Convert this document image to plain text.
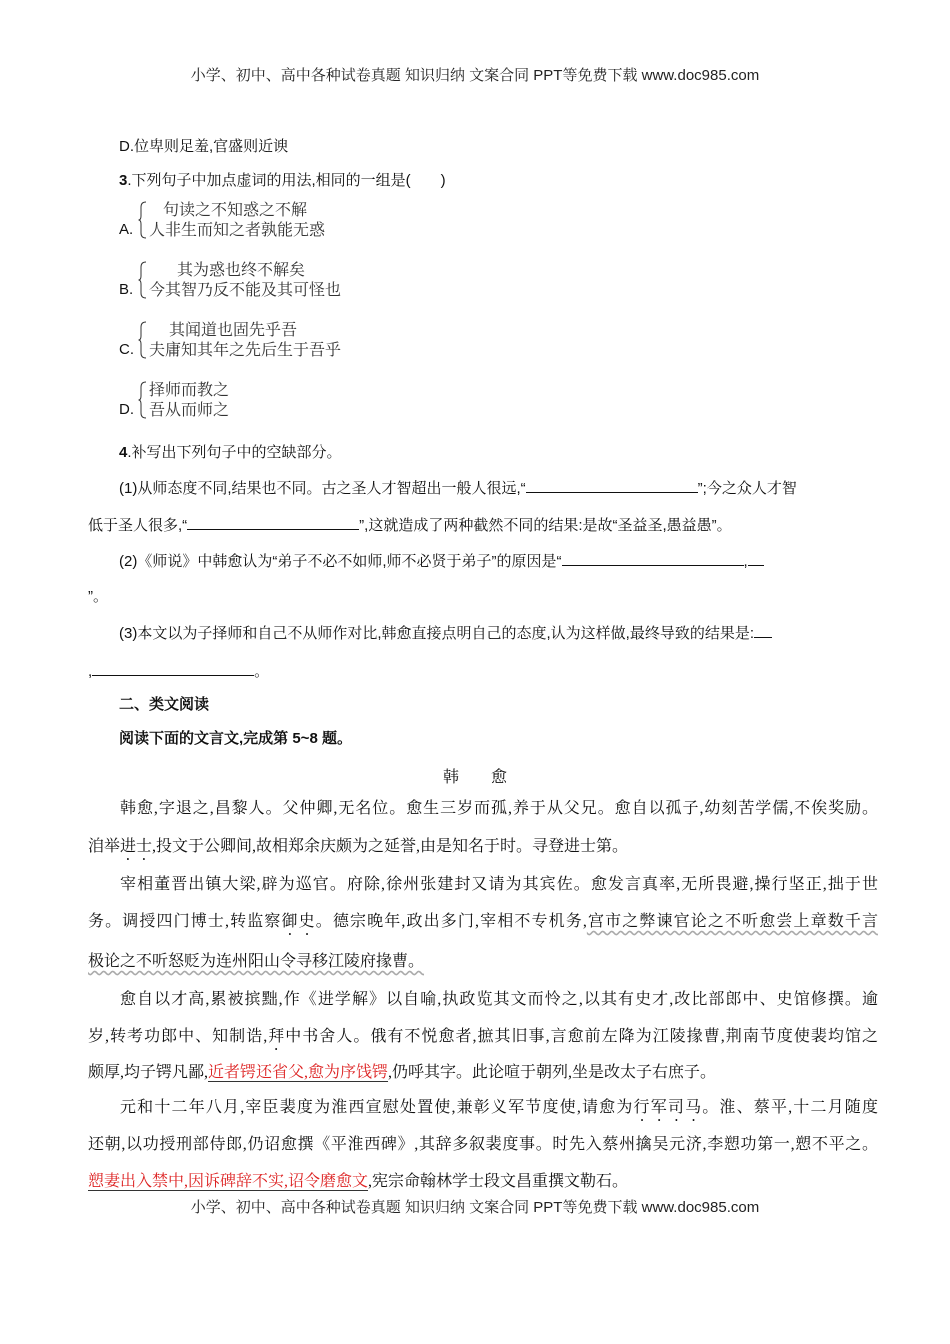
小学、初中、高中各种试卷真题 知识归纳 文案合同 PPT等免费下载 www.doc985.com
D.位卑则足羞,官盛则近谀
3.下列句子中加点虚词的用法,相同的一组是(　　)
A.
句读之不知惑之不解
人非生而知之者孰能无惑
B.
其为惑也终不解矣
今其智乃反不能及其可怪也
C.
其闻道也固先乎吾
夫庸知其年之先后生于吾乎
D.
择师而教之
吾从而师之
4.补写出下列句子中的空缺部分。
(1)从师态度不同,结果也不同。古之圣人才智超出一般人很远,“	”;今之众人才智
低于圣人很多,“	”,这就造成了两种截然不同的结果:是故“圣益圣,愚益愚”。
(2)《师说》中韩愈认为“弟子不必不如师,师不必贤于弟子”的原因是“	,
”。
(3)本文以为子择师和自己不从师作对比,韩愈直接点明自己的态度,认为这样做,最终导致的结果是:
,	。
二、类文阅读
阅读下面的文言文,完成第 5~8 题。
韩　　愈
韩愈,字退之,昌黎人。父仲卿,无名位。愈生三岁而孤,养于从父兄。愈自以孤子,幼刻苦学儒,不俟奖励。
洎举进士,投文于公卿间,故相郑余庆颇为之延誉,由是知名于时。寻登进士第。
宰相董晋出镇大梁,辟为巡官。府除,徐州张建封又请为其宾佐。愈发言真率,无所畏避,操行坚正,拙于世
务。调授四门博士,转监察御史。德宗晚年,政出多门,宰相不专机务,宫市之弊谏官论之不听愈尝上章数千言
极论之不听怒贬为连州阳山令寻移江陵府掾曹。
愈自以才高,累被摈黜,作《进学解》以自喻,执政览其文而怜之,以其有史才,改比部郎中、史馆修撰。逾
岁,转考功郎中、知制诰,拜中书舍人。俄有不悦愈者,摭其旧事,言愈前左降为江陵掾曹,荆南节度使裴均馆之
颇厚,均子锷凡鄙,近者锷还省父,愈为序饯锷,仍呼其字。此论喧于朝列,坐是改太子右庶子。
元和十二年八月,宰臣裴度为淮西宣慰处置使,兼彰义军节度使,请愈为行军司马。淮、蔡平,十二月随度
还朝,以功授刑部侍郎,仍诏愈撰《平淮西碑》,其辞多叙裴度事。时先入蔡州擒吴元济,李愬功第一,愬不平之。
愬妻出入禁中,因诉碑辞不实,诏令磨愈文,宪宗命翰林学士段文昌重撰文勒石。
小学、初中、高中各种试卷真题 知识归纳 文案合同 PPT等免费下载 www.doc985.com
